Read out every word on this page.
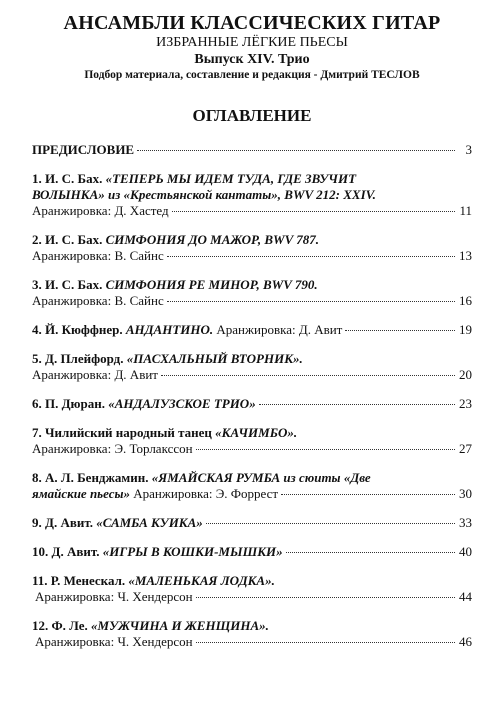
АНСАМБЛИ КЛАССИЧЕСКИХ ГИТАР
ИЗБРАННЫЕ ЛЁГКИЕ ПЬЕСЫ
Выпуск XIV. Трио
Подбор материала, составление и редакция - Дмитрий ТЕСЛОВ
ОГЛАВЛЕНИЕ
ПРЕДИСЛОВИЕ	3
1. И. С. Бах. «ТЕПЕРЬ МЫ ИДЕМ ТУДА, ГДЕ ЗВУЧИТ
ВОЛЫНКА» из «Крестьянской кантаты», BWV 212: XXIV.
Аранжировка: Д. Хастед	11
2. И. С. Бах. СИМФОНИЯ ДО МАЖОР, BWV 787.
Аранжировка: В. Сайнс	13
3. И. С. Бах. СИМФОНИЯ РЕ МИНОР, BWV 790.
Аранжировка: В. Сайнс	16
4. Й. Кюффнер. АНДАНТИНО. Аранжировка: Д. Авит	19
5. Д. Плейфорд. «ПАСХАЛЬНЫЙ ВТОРНИК».
Аранжировка: Д. Авит	20
6. П. Дюран. «АНДАЛУЗСКОЕ ТРИО»	23
7. Чилийский народный танец «КАЧИМБО».
Аранжировка: Э. Торлакссон	27
8. А. Л. Бенджамин. «ЯМАЙСКАЯ РУМБА из сюиты «Две
ямайские пьесы» Аранжировка: Э. Форрест	30
9. Д. Авит. «САМБА КУИКА»	33
10. Д. Авит. «ИГРЫ В КОШКИ-МЫШКИ»	40
11. Р. Менескал. «МАЛЕНЬКАЯ ЛОДКА».
Аранжировка: Ч. Хендерсон	44
12. Ф. Ле. «МУЖЧИНА И ЖЕНЩИНА».
Аранжировка: Ч. Хендерсон	46
